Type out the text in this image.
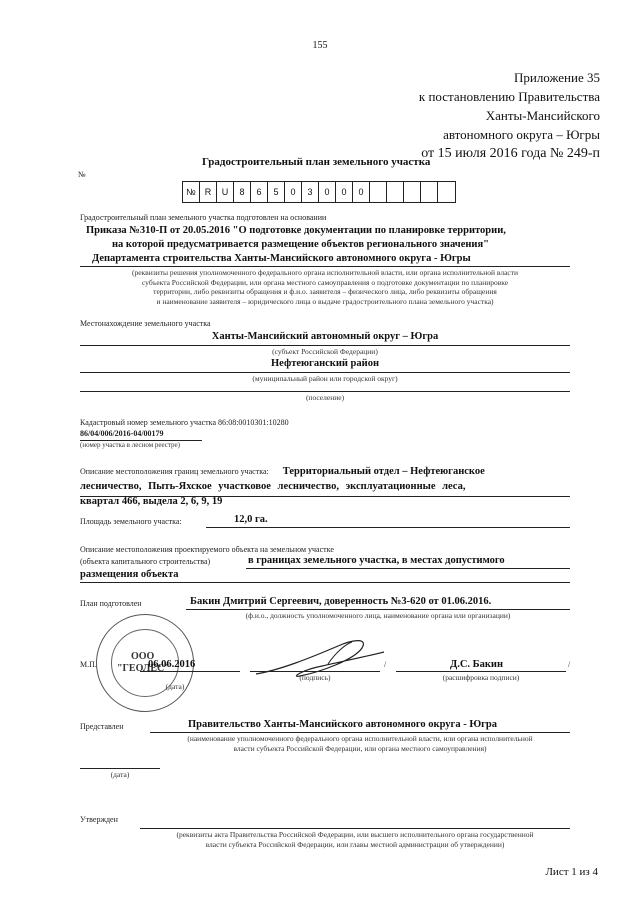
155
Приложение 35
к постановлению Правительства
Ханты-Мансийского
автономного округа – Югры
от 15 июля 2016 года № 249-п
Градостроительный план земельного участка
№
№ R	U	8	6	5	0	3	0	0	0
Градостроительный план земельного участка подготовлен на основании
Приказа №310-П от 20.05.2016 "О подготовке документации по планировке территории,
на которой предусматривается размещение объектов регионального значения"
Департамента строительства Ханты-Мансийского автономного округа - Югры
(реквизиты решения уполномоченного федерального органа исполнительной власти, или органа исполнительной власти
субъекта Российской Федерации, или органа местного самоуправления о подготовке документации по планировке
территории, либо реквизиты обращения и ф.и.о. заявителя – физического лица, либо реквизиты обращения
и наименование заявителя – юридического лица о выдаче градостроительного плана земельного участка)
Местонахождение земельного участка
Ханты-Мансийский автономный округ – Югра
(субъект Российской Федерации)
Нефтеюганский район
(муниципальный район или городской округ)
(поселение)
Кадастровый номер земельного участка 86:08:0010301:10280
86/04/006/2016-04/00179
(номер участка в лесном реестре)
Описание местоположения границ земельного участка: Территориальный отдел – Нефтеюганское
лесничество, Пыть-Яхское участковое лесничество, эксплуатационные леса,
квартал 466, выдела 2, 6, 9, 19
Площадь земельного участка:	12,0 га.
Описание местоположения проектируемого объекта на земельном участке
(объекта капитального строительства)	в границах земельного участка, в местах допустимого
размещения объекта
План подготовлен	Бакин Дмитрий Сергеевич, доверенность №3-620 от 01.06.2016.
(ф.и.о., должность уполномоченного лица, наименование органа или организации)
ООО
"ГЕОЛЕС"
М.П.	06.06.2016
(дата)
(подпись)
/	Д.С. Бакин	/
(расшифровка подписи)
Представлен	Правительство Ханты-Мансийского автономного округа - Югра
(наименование уполномоченного федерального органа исполнительной власти, или органа исполнительной
власти субъекта Российской Федерации, или органа местного самоуправления)
(дата)
Утвержден
(реквизиты акта Правительства Российской Федерации, или высшего исполнительного органа государственной
власти субъекта Российской Федерации, или главы местной администрации об утверждении)
Лист 1 из 4
